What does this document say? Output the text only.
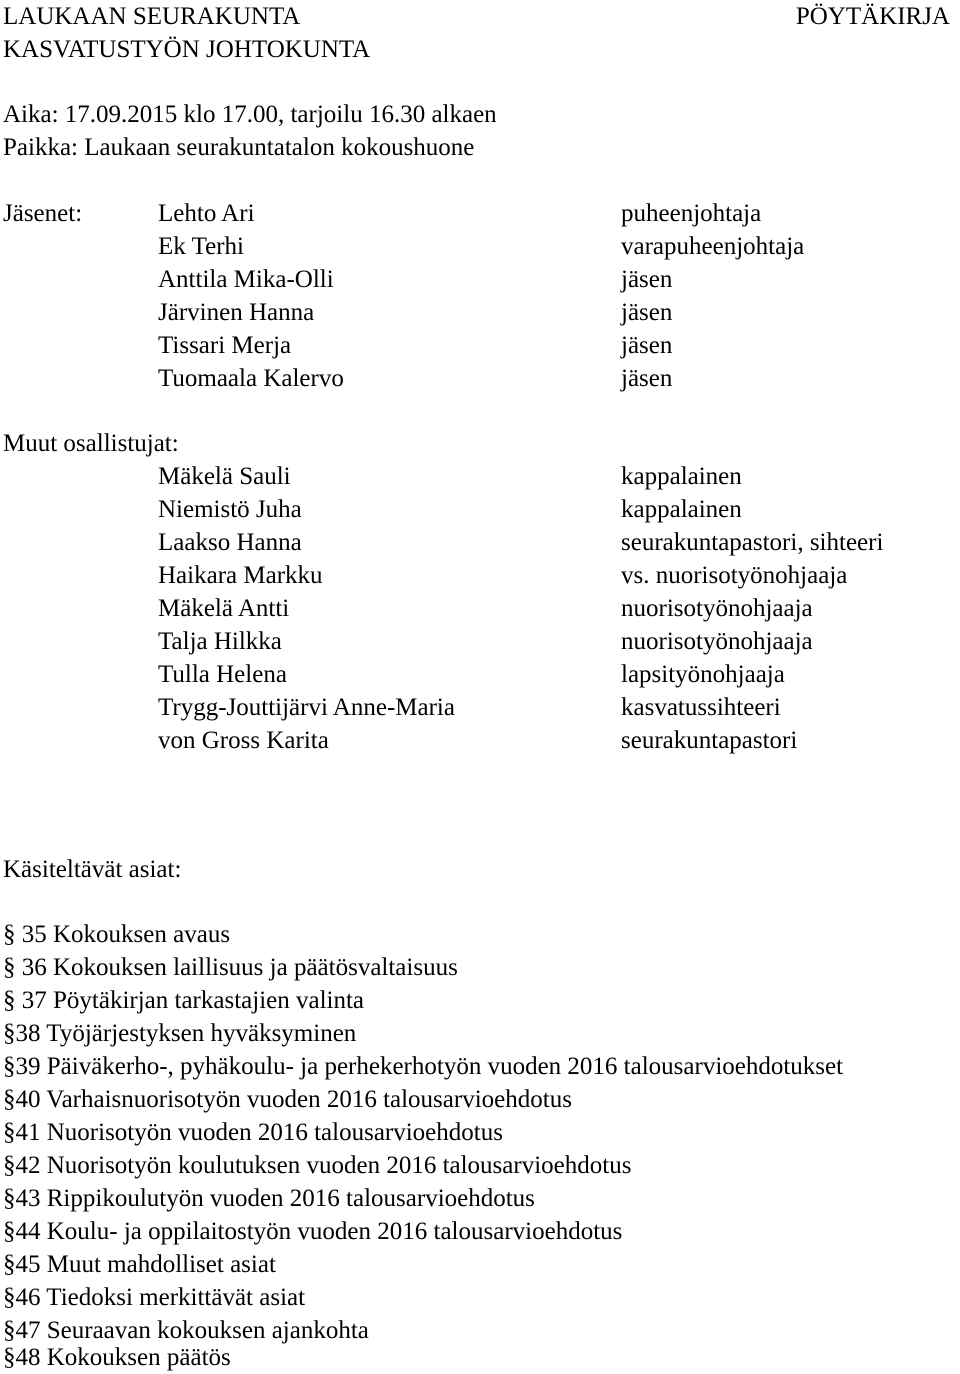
LAUKAAN SEURAKUNTA	PÖYTÄKIRJA
KASVATUSTYÖN JOHTOKUNTA
Aika: 17.09.2015 klo 17.00, tarjoilu 16.30 alkaen
Paikka: Laukaan seurakuntatalon kokoushuone
Jäsenet:	Lehto Ari	puheenjohtaja
Ek Terhi	varapuheenjohtaja
Anttila Mika-Olli	jäsen
Järvinen Hanna	jäsen
Tissari Merja	jäsen
Tuomaala Kalervo	jäsen
Muut osallistujat:
Mäkelä Sauli	kappalainen
Niemistö Juha	kappalainen
Laakso Hanna	seurakuntapastori, sihteeri
Haikara Markku	vs. nuorisotyönohjaaja
Mäkelä Antti	nuorisotyönohjaaja
Talja Hilkka	nuorisotyönohjaaja
Tulla Helena	lapsityönohjaaja
Trygg-Jouttijärvi Anne-Maria	kasvatussihteeri
von Gross Karita	seurakuntapastori
Käsiteltävät asiat:
§ 35 Kokouksen avaus
§ 36 Kokouksen laillisuus ja päätösvaltaisuus
§ 37 Pöytäkirjan tarkastajien valinta
§38 Työjärjestyksen hyväksyminen
§39 Päiväkerho-, pyhäkoulu- ja perhekerhotyön vuoden 2016 talousarvioehdotukset
§40 Varhaisnuorisotyön vuoden 2016 talousarvioehdotus
§41 Nuorisotyön vuoden 2016 talousarvioehdotus
§42 Nuorisotyön koulutuksen vuoden 2016 talousarvioehdotus
§43 Rippikoulutyön vuoden 2016 talousarvioehdotus
§44 Koulu- ja oppilaitostyön vuoden 2016 talousarvioehdotus
§45 Muut mahdolliset asiat
§46 Tiedoksi merkittävät asiat
§47 Seuraavan kokouksen ajankohta
§48 Kokouksen päätös
